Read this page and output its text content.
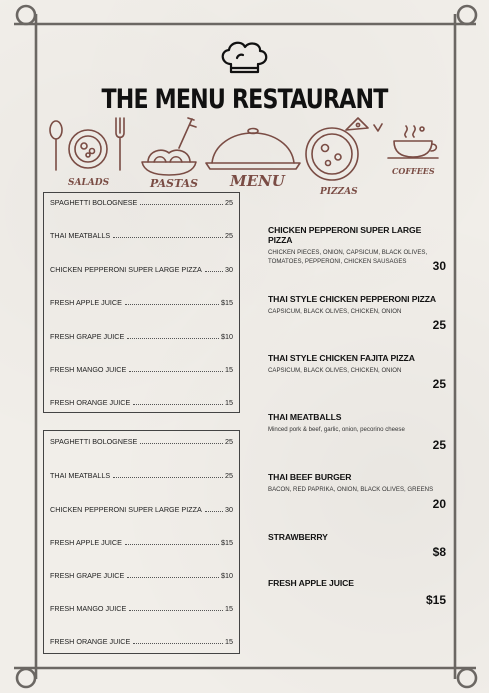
THE MENU RESTAURANT
SALADS	PASTAS MENU
PIZZAS
COFFEES
SPAGHETTI BOLOGNESE	25
THAI MEATBALLS	25
CHICKEN PEPPERONI SUPER LARGE PIZZA	30
FRESH APPLE JUICE	$15
FRESH GRAPE JUICE	$10
FRESH MANGO JUICE	15
FRESH ORANGE JUICE	15
SPAGHETTI BOLOGNESE	25
THAI MEATBALLS	25
CHICKEN PEPPERONI SUPER LARGE PIZZA	30
FRESH APPLE JUICE	$15
FRESH GRAPE JUICE	$10
FRESH MANGO JUICE	15
FRESH ORANGE JUICE	15
CHICKEN PEPPERONI SUPER LARGE PIZZA
CHICKEN PIECES, ONION, CAPSICUM, BLACK OLIVES, TOMATOES, PEPPERONI, CHICKEN SAUSAGES	30
THAI STYLE CHICKEN PEPPERONI PIZZA
CAPSICUM, BLACK OLIVES, CHICKEN, ONION
25
THAI STYLE CHICKEN FAJITA PIZZA
CAPSICUM, BLACK OLIVES, CHICKEN, ONION
25
THAI MEATBALLS
Minced pork & beef, garlic, onion, pecorino cheese
25
THAI BEEF BURGER
BACON, RED PAPRIKA, ONION, BLACK OLIVES, GREENS
20
STRAWBERRY
$8
FRESH APPLE JUICE
$15
